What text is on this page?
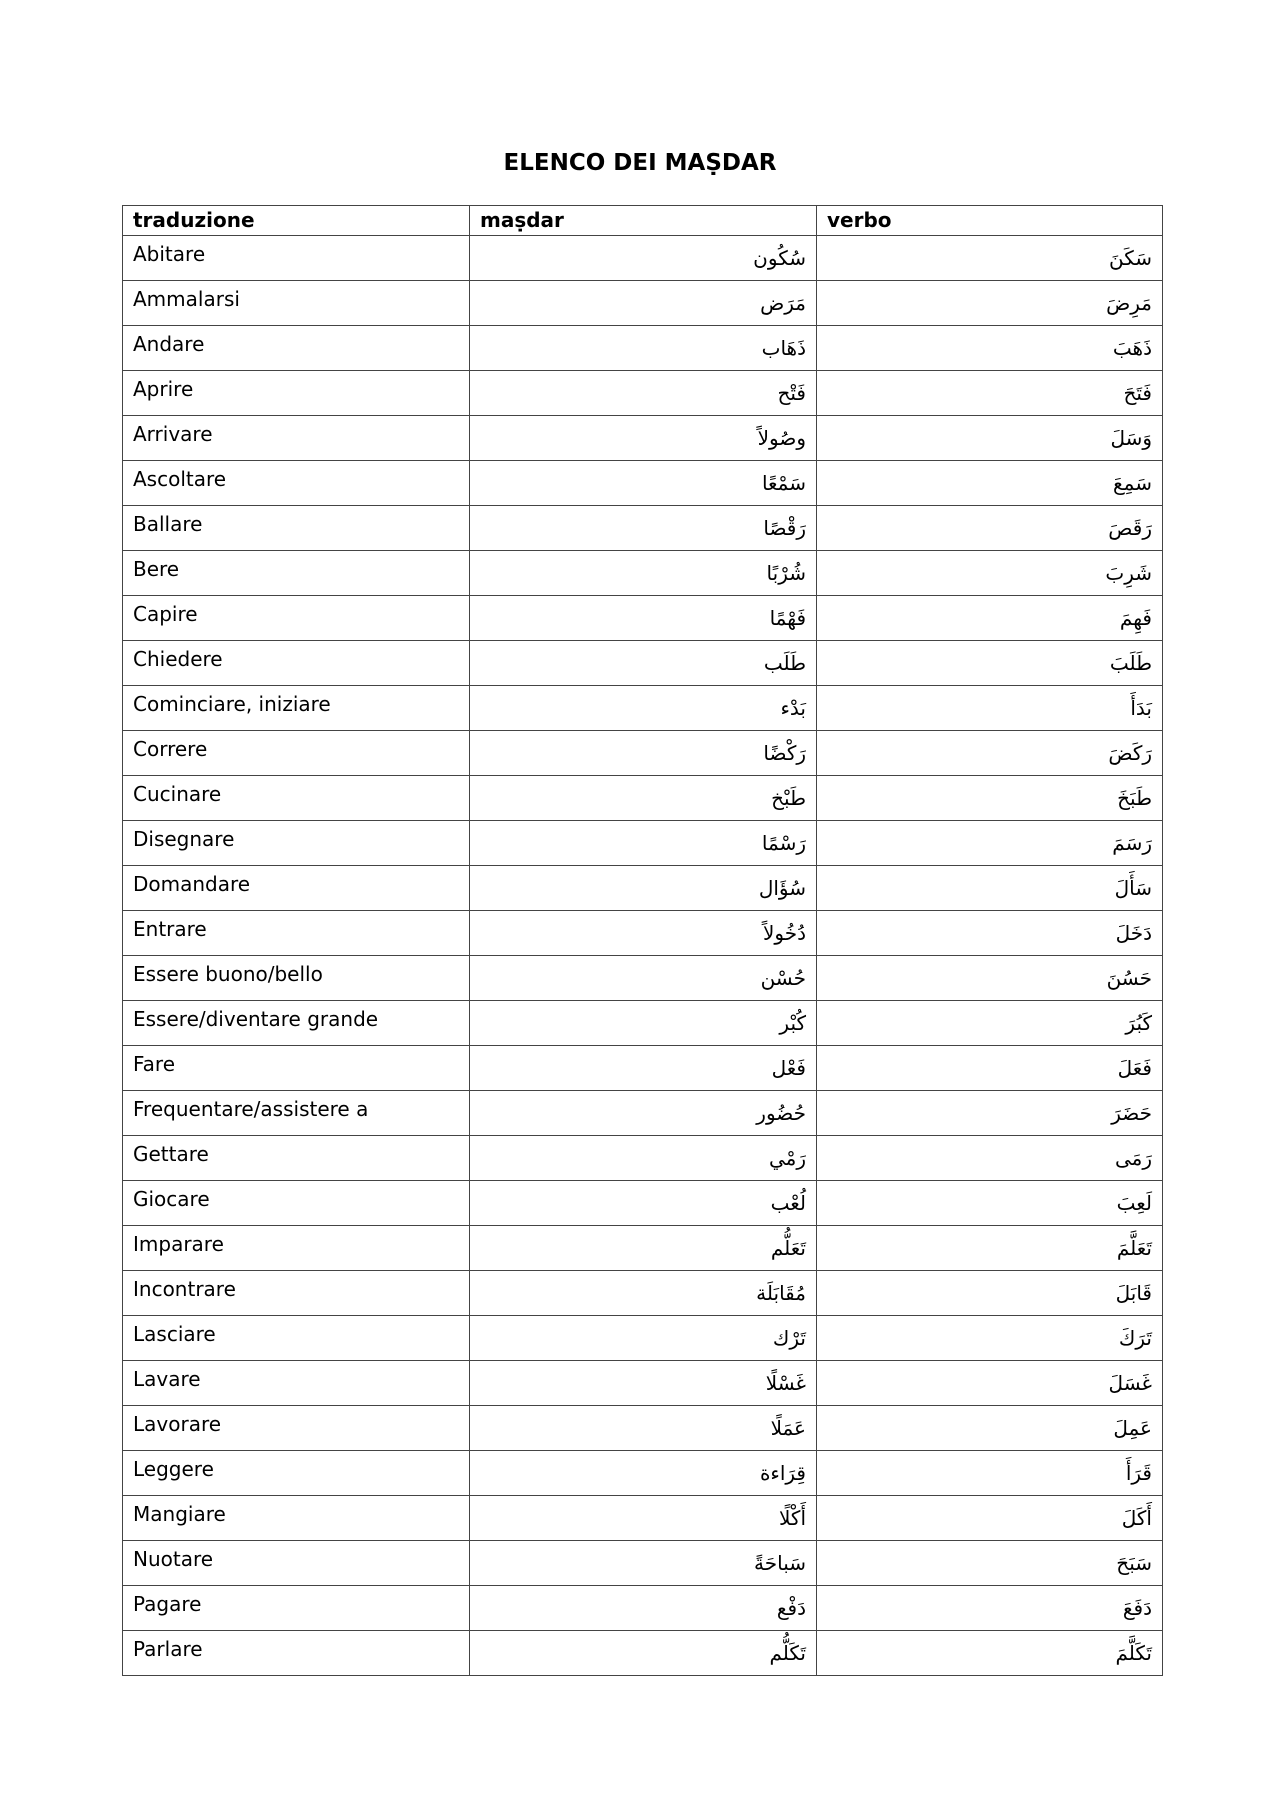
ELENCO DEI MAṢDAR
traduzione	maṣdar	verbo
Abitare	سُكُون	سَكَنَ
Ammalarsi	مَرَض	مَرِضَ
Andare	ذَهَاب	ذَهَبَ
Aprire	فَتْح	فَتَحَ
Arrivare	وصُولاً	وَسَلَ
Ascoltare	سَمْعًا	سَمِعَ
Ballare	رَقْصًا	رَقَصَ
Bere	شُرْبًا	شَرِبَ
Capire	فَهْمًا	فَهِمَ
Chiedere	طَلَب	طَلَبَ
Cominciare, iniziare	بَدْء	بَدَأَ
Correre	رَكْضًا	رَكَضَ
Cucinare	طَبْخ	طَبَخَ
Disegnare	رَسْمًا	رَسَمَ
Domandare	سُؤَال	سَأَلَ
Entrare	دُخُولاً	دَخَلَ
Essere buono/bello	حُسْن	حَسُنَ
Essere/diventare grande	كُبْر	كَبُرَ
Fare	فَعْل	فَعَلَ
Frequentare/assistere a	حُضُور	حَضَرَ
Gettare	رَمْي	رَمَى
Giocare	لُعْب	لَعِبَ
Imparare	تَعَلُّم	تَعَلَّمَ
Incontrare	مُقَابَلَة	قَابَلَ
Lasciare	تَرْك	تَرَكَ
Lavare	غَسْلًا	غَسَلَ
Lavorare	عَمَلًا	عَمِلَ
Leggere	قِرَاءة	قَرَأَ
Mangiare	أَكْلًا	أَكَلَ
Nuotare	سَباحَةً	سَبَحَ
Pagare	دَفْع	دَفَعَ
Parlare	تَكَلُّم	تَكَلَّمَ
